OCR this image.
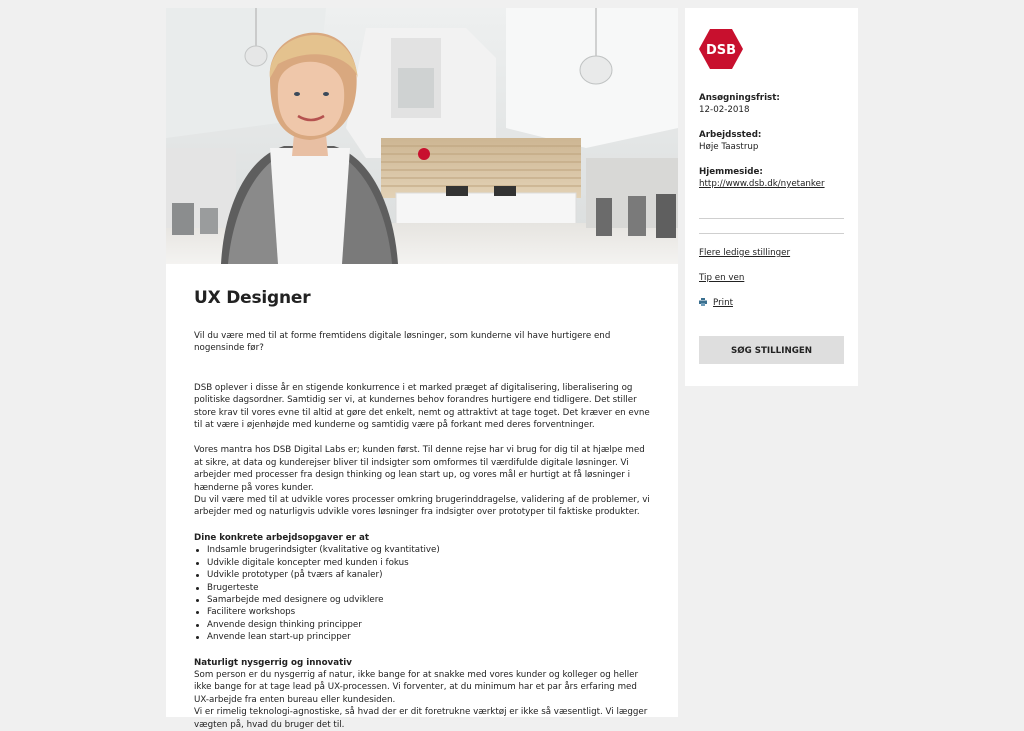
UX Designer

Vil du være med til at forme fremtidens digitale løsninger, som kunderne vil have hurtigere end nogensinde før?

DSB oplever i disse år en stigende konkurrence i et marked præget af digitalisering, liberalisering og politiske dagsordner. Samtidig ser vi, at kundernes behov forandres hurtigere end tidligere. Det stiller store krav til vores evne til altid at gøre det enkelt, nemt og attraktivt at tage toget. Det kræver en evne til at være i øjenhøjde med kunderne og samtidig være på forkant med deres forventninger.

Vores mantra hos DSB Digital Labs er; kunden først. Til denne rejse har vi brug for dig til at hjælpe med at sikre, at data og kunderejser bliver til indsigter som omformes til værdifulde digitale løsninger. Vi arbejder med processer fra design thinking og lean start up, og vores mål er hurtigt at få løsninger i hænderne på vores kunder.

Du vil være med til at udvikle vores processer omkring brugerinddragelse, validering af de problemer, vi arbejder med og naturligvis udvikle vores løsninger fra indsigter over prototyper til faktiske produkter.

Dine konkrete arbejdsopgaver er at
Indsamle brugerindsigter (kvalitative og kvantitative)
Udvikle digitale koncepter med kunden i fokus
Udvikle prototyper (på tværs af kanaler)
Brugerteste
Samarbejde med designere og udviklere
Facilitere workshops
Anvende design thinking principper
Anvende lean start-up principper
Naturligt nysgerrig og innovativ

Som person er du nysgerrig af natur, ikke bange for at snakke med vores kunder og kolleger og heller ikke bange for at tage lead på UX-processen. Vi forventer, at du minimum har et par års erfaring med UX-arbejde fra enten bureau eller kundesiden.

Vi er rimelig teknologi-agnostiske, så hvad der er dit foretrukne værktøj er ikke så væsentligt. Vi lægger vægten på, hvad du bruger det til.

DSB
Ansøgningsfrist:
12-02-2018
Arbejdssted:
Høje Taastrup
Hjemmeside:
http://www.dsb.dk/nyetanker
Flere ledige stillinger
Tip en ven
Print
SØG STILLINGEN
